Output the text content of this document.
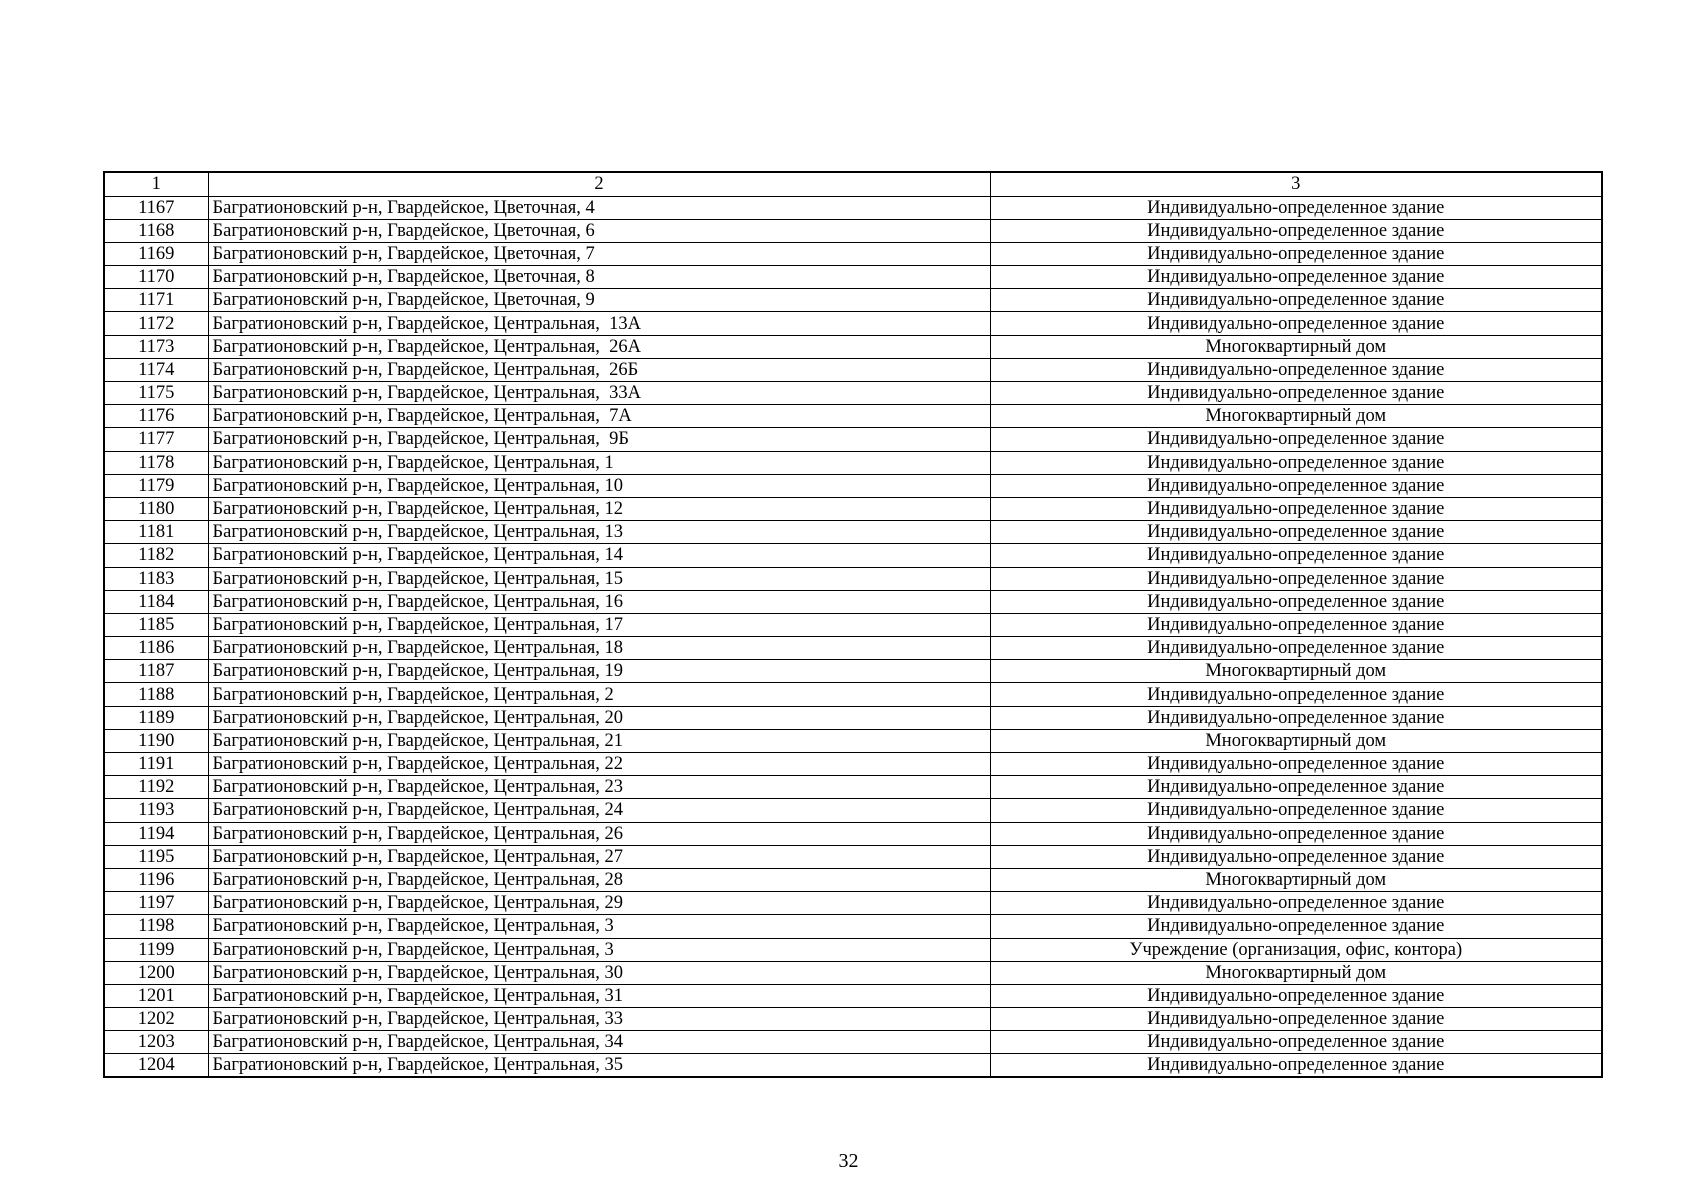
1	2	3
1167	Багратионовский р-н, Гвардейское, Цветочная, 4	Индивидуально-определенное здание
1168	Багратионовский р-н, Гвардейское, Цветочная, 6	Индивидуально-определенное здание
1169	Багратионовский р-н, Гвардейское, Цветочная, 7	Индивидуально-определенное здание
1170	Багратионовский р-н, Гвардейское, Цветочная, 8	Индивидуально-определенное здание
1171	Багратионовский р-н, Гвардейское, Цветочная, 9	Индивидуально-определенное здание
1172	Багратионовский р-н, Гвардейское, Центральная,  13А	Индивидуально-определенное здание
1173	Багратионовский р-н, Гвардейское, Центральная,  26А	Многоквартирный дом
1174	Багратионовский р-н, Гвардейское, Центральная,  26Б	Индивидуально-определенное здание
1175	Багратионовский р-н, Гвардейское, Центральная,  33А	Индивидуально-определенное здание
1176	Багратионовский р-н, Гвардейское, Центральная,  7А	Многоквартирный дом
1177	Багратионовский р-н, Гвардейское, Центральная,  9Б	Индивидуально-определенное здание
1178	Багратионовский р-н, Гвардейское, Центральная, 1	Индивидуально-определенное здание
1179	Багратионовский р-н, Гвардейское, Центральная, 10	Индивидуально-определенное здание
1180	Багратионовский р-н, Гвардейское, Центральная, 12	Индивидуально-определенное здание
1181	Багратионовский р-н, Гвардейское, Центральная, 13	Индивидуально-определенное здание
1182	Багратионовский р-н, Гвардейское, Центральная, 14	Индивидуально-определенное здание
1183	Багратионовский р-н, Гвардейское, Центральная, 15	Индивидуально-определенное здание
1184	Багратионовский р-н, Гвардейское, Центральная, 16	Индивидуально-определенное здание
1185	Багратионовский р-н, Гвардейское, Центральная, 17	Индивидуально-определенное здание
1186	Багратионовский р-н, Гвардейское, Центральная, 18	Индивидуально-определенное здание
1187	Багратионовский р-н, Гвардейское, Центральная, 19	Многоквартирный дом
1188	Багратионовский р-н, Гвардейское, Центральная, 2	Индивидуально-определенное здание
1189	Багратионовский р-н, Гвардейское, Центральная, 20	Индивидуально-определенное здание
1190	Багратионовский р-н, Гвардейское, Центральная, 21	Многоквартирный дом
1191	Багратионовский р-н, Гвардейское, Центральная, 22	Индивидуально-определенное здание
1192	Багратионовский р-н, Гвардейское, Центральная, 23	Индивидуально-определенное здание
1193	Багратионовский р-н, Гвардейское, Центральная, 24	Индивидуально-определенное здание
1194	Багратионовский р-н, Гвардейское, Центральная, 26	Индивидуально-определенное здание
1195	Багратионовский р-н, Гвардейское, Центральная, 27	Индивидуально-определенное здание
1196	Багратионовский р-н, Гвардейское, Центральная, 28	Многоквартирный дом
1197	Багратионовский р-н, Гвардейское, Центральная, 29	Индивидуально-определенное здание
1198	Багратионовский р-н, Гвардейское, Центральная, 3	Индивидуально-определенное здание
1199	Багратионовский р-н, Гвардейское, Центральная, 3	Учреждение (организация, офис, контора)
1200	Багратионовский р-н, Гвардейское, Центральная, 30	Многоквартирный дом
1201	Багратионовский р-н, Гвардейское, Центральная, 31	Индивидуально-определенное здание
1202	Багратионовский р-н, Гвардейское, Центральная, 33	Индивидуально-определенное здание
1203	Багратионовский р-н, Гвардейское, Центральная, 34	Индивидуально-определенное здание
1204	Багратионовский р-н, Гвардейское, Центральная, 35	Индивидуально-определенное здание
32
